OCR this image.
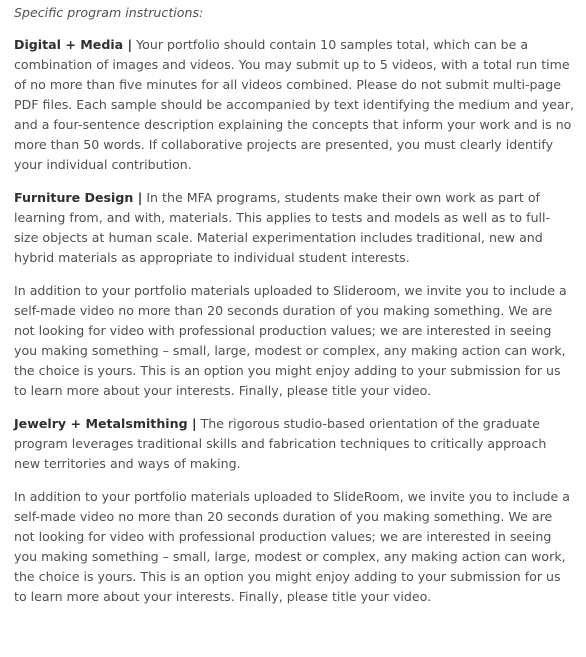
Specific program instructions:

Digital + Media | Your portfolio should contain 10 samples total, which can be a combination of images and videos. You may submit up to 5 videos, with a total run time of no more than five minutes for all videos combined. Please do not submit multi-page PDF files. Each sample should be accompanied by text identifying the medium and year, and a four-sentence description explaining the concepts that inform your work and is no more than 50 words. If collaborative projects are presented, you must clearly identify your individual contribution.

Furniture Design | In the MFA programs, students make their own work as part of learning from, and with, materials. This applies to tests and models as well as to full-size objects at human scale. Material experimentation includes traditional, new and hybrid materials as appropriate to individual student interests.

In addition to your portfolio materials uploaded to Slideroom, we invite you to include a self-made video no more than 20 seconds duration of you making something. We are not looking for video with professional production values; we are interested in seeing you making something – small, large, modest or complex, any making action can work, the choice is yours. This is an option you might enjoy adding to your submission for us to learn more about your interests. Finally, please title your video.

Jewelry + Metalsmithing | The rigorous studio-based orientation of the graduate program leverages traditional skills and fabrication techniques to critically approach new territories and ways of making.

In addition to your portfolio materials uploaded to SlideRoom, we invite you to include a self-made video no more than 20 seconds duration of you making something. We are not looking for video with professional production values; we are interested in seeing you making something – small, large, modest or complex, any making action can work, the choice is yours. This is an option you might enjoy adding to your submission for us to learn more about your interests. Finally, please title your video.
